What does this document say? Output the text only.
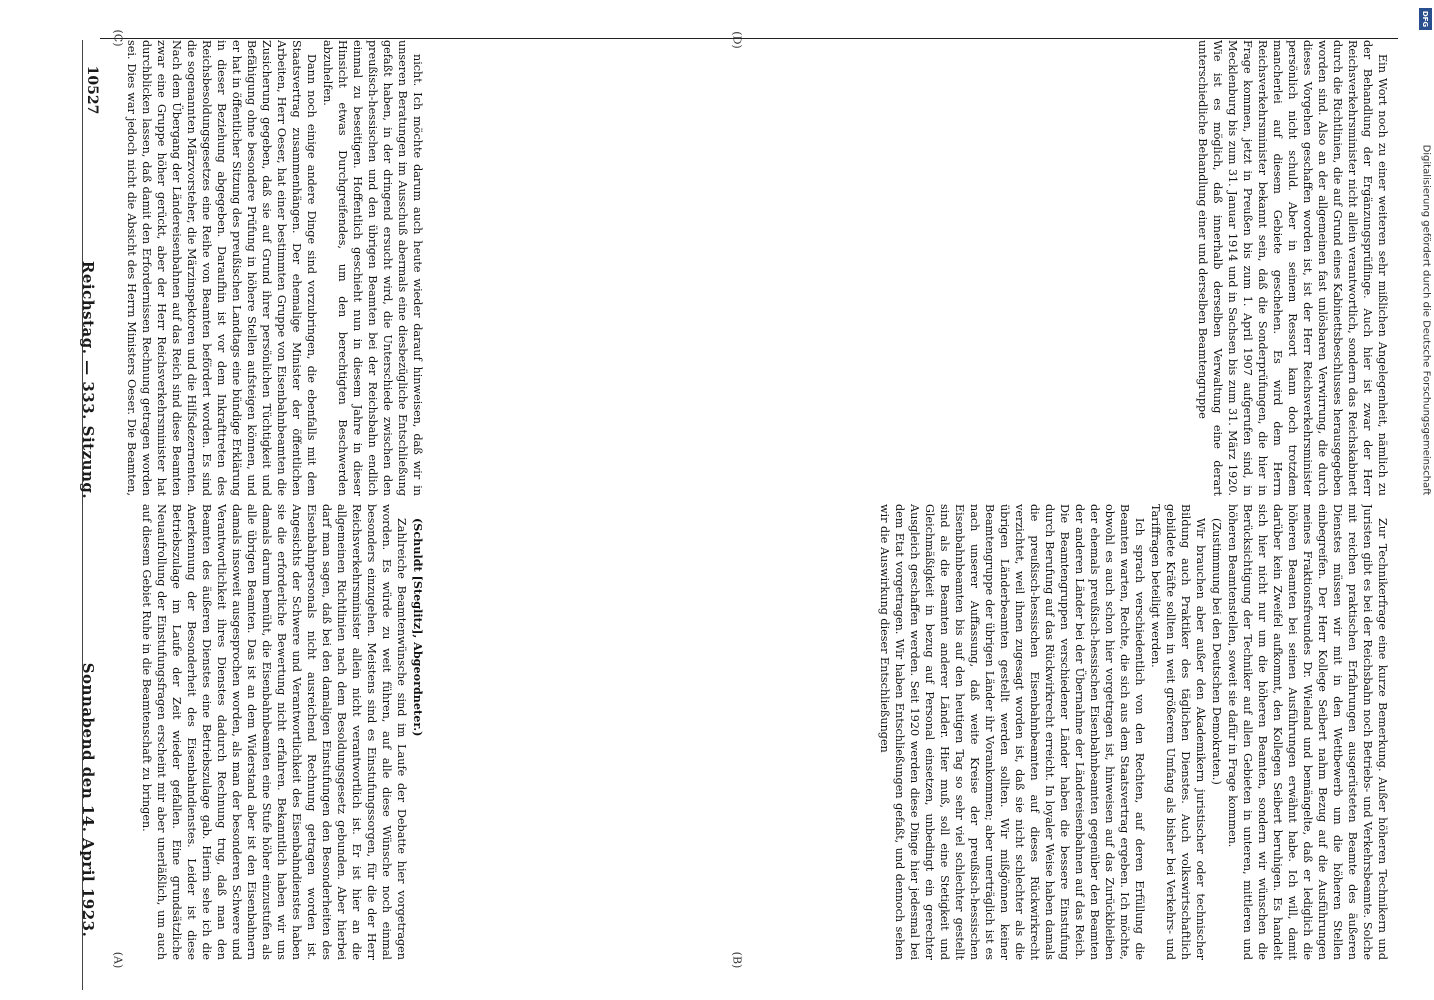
Reichstag. — 333. Sitzung.
Sonnabend den 14. April 1923.
10527
(C)	(D)
(A)	(B)

nicht. Ich möchte darum auch heute wieder darauf hinweisen, daß wir in unseren Beratungen im Ausschuß abermals eine diesbezügliche Entschließung gefaßt haben, in der dringend ersucht wird, die Unterschiede zwischen den preußisch-hessischen und den übrigen Beamten bei der Reichsbahn endlich einmal zu beseitigen. Hoffentlich geschieht nun in diesem Jahre in dieser Hinsicht etwas Durchgreifendes, um den berechtigten Beschwerden abzuhelfen.

Dann noch einige andere Dinge sind vorzubringen, die ebenfalls mit dem Staatsvertrag zusammenhängen. Der ehemalige Minister der öffentlichen Arbeiten, Herr Oeser, hat einer bestimmten Gruppe von Eisenbahnbeamten die Zusicherung gegeben, daß sie auf Grund ihrer persönlichen Tüchtigkeit und Befähigung ohne besondere Prüfung in höhere Stellen aufsteigen können, und er hat in öffentlicher Sitzung des preußischen Landtags eine bündige Erklärung in dieser Beziehung abgegeben. Daraufhin ist vor dem Inkrafttreten des Reichsbesoldungsgesetzes eine Reihe von Beamten befördert worden. Es sind die sogenannten Märzvorsteher, die Märzinspektoren und die Hilfsdezernenten. Nach dem Übergang der Ländereisenbahnen auf das Reich sind diese Beamten zwar eine Gruppe höher gerückt, aber der Herr Reichsverkehrsminister hat durchblicken lassen, daß damit den Erfordernissen Rechnung getragen worden sei. Dies war jedoch nicht die Absicht des Herrn Ministers Oeser. Die Beamten,	Ein Wort noch zu einer weiteren sehr mißlichen Angelegenheit, nämlich zu der Behandlung der Ergänzungsprüflinge. Auch hier ist zwar der Herr Reichsverkehrsminister nicht allein verantwortlich, sondern das Reichskabinett durch die Richtlinien, die auf Grund eines Kabinettsbeschlusses herausgegeben worden sind. Also an der allgemeinen fast unlösbaren Verwirrung, die durch dieses Vorgehen geschaffen worden ist, ist der Herr Reichsverkehrsminister persönlich nicht schuld. Aber in seinem Ressort kann doch trotzdem mancherlei auf diesem Gebiete geschehen. Es wird dem Herrn Reichsverkehrsminister bekannt sein, daß die Sonderprüfungen, die hier in Frage kommen, jetzt in Preußen bis zum 1. April 1907 aufgerufen sind, in Mecklenburg bis zum 31. Januar 1914 und in Sachsen bis zum 31. März 1920. Wie ist es möglich, daß innerhalb derselben Verwaltung eine derart unterschiedliche Behandlung einer und derselben Beamtengruppe

(Schuldt [Steglitz], Abgeordneter.)

Zahlreiche Beamtenwünsche sind im Laufe der Debatte hier vorgetragen worden. Es würde zu weit führen, auf alle diese Wünsche noch einmal besonders einzugehen. Meistens sind es Einstufungssorgen, für die der Herr Reichsverkehrsminister allein nicht verantwortlich ist. Er ist hier an die allgemeinen Richtlinien nach dem Besoldungsgesetz gebunden. Aber hierbei darf man sagen, daß bei den damaligen Einstufungen den Besonderheiten des Eisenbahnpersonals nicht ausreichend Rechnung getragen worden ist. Angesichts der Schwere und Verantwortlichkeit des Eisenbahndienstes haben sie die erforderliche Bewertung nicht erfahren. Bekanntlich haben wir uns damals darum bemüht, die Eisenbahnbeamten eine Stufe höher einzustufen als alle übrigen Beamten. Das ist an dem Widerstand aber ist den Eisenbahnern damals insoweit ausgesprochen worden, als man der besonderen Schwere und Verantwortlichkeit ihres Dienstes dadurch Rechnung trug, daß man den Beamten des äußeren Dienstes eine Betriebszulage gab. Hierin sehe ich die Anerkennung der Besonderheit des Eisenbahndienstes. Leider ist diese Betriebszulage im Laufe der Zeit wieder gefallen. Eine grundsätzliche Neuaufrollung der Einstufungsfragen erscheint mir aber unerläßlich, um auch auf diesem Gebiet Ruhe in die Beamtenschaft zu bringen.	Zur Technikerfrage eine kurze Bemerkung. Außer höheren Technikern und Juristen gibt es bei der Reichsbahn noch Betriebs- und Verkehrsbeamte. Solche mit reichen praktischen Erfahrungen ausgerüsteten Beamte des äußeren Dienstes müssen wir mit in den Wettbewerb um die höheren Stellen einbegreifen. Der Herr Kollege Seibert nahm Bezug auf die Ausführungen meines Fraktionsfreundes Dr. Wieland und bemängelte, daß er lediglich die höheren Beamten bei seinen Ausführungen erwähnt habe. Ich will, damit darüber kein Zweifel aufkommt, den Kollegen Seibert beruhigen. Es handelt sich hier nicht nur um die höheren Beamten, sondern wir wünschen die Berücksichtigung der Techniker auf allen Gebieten in unteren, mittleren und höheren Beamtenstellen, soweit sie dafür in Frage kommen.

(Zustimmung bei den Deutschen Demokraten.)

Wir brauchen aber außer den Akademikern juristischer oder technischer Bildung auch Praktiker des täglichen Dienstes. Auch volkswirtschaftlich gebildete Kräfte sollten in weit größerem Umfang als bisher bei Verkehrs- und Tariffragen beteiligt werden.

Ich sprach verschiedentlich von den Rechten, auf deren Erfüllung die Beamten warten, Rechte, die sich aus dem Staatsvertrag ergeben. Ich möchte, obwohl es auch schon hier vorgetragen ist, hinweisen auf das Zurückbleiben der ehemals preußisch-hessischen Eisenbahnbeamten gegenüber den Beamten der anderen Länder bei der Übernahme der Ländereisenbahnen auf das Reich. Die Beamtengruppen verschiedener Länder haben die bessere Einstufung durch Berufung auf das Rückwirkrecht erreicht. In loyaler Weise haben damals die preußisch-hessischen Eisenbahnbeamten auf dieses Rückwirkrecht verzichtet, weil ihnen zugesagt worden ist, daß sie nicht schlechter als die übrigen Länderbeamten gestellt werden sollten. Wir mißgönnen keiner Beamtengruppe der übrigen Länder ihr Vorankommen; aber unerträglich ist es nach unserer Auffassung, daß weite Kreise der preußisch-hessischen Eisenbahnbeamten bis auf den heutigen Tag so sehr viel schlechter gestellt sind als die Beamten anderer Länder. Hier muß, soll eine Stetigkeit und Gleichmäßigkeit in bezug auf Personal einsetzen, unbedingt ein gerechter Ausgleich geschaffen werden. Seit 1920 werden diese Dinge hier jedesmal bei dem Etat vorgetragen. Wir haben Entschließungen gefaßt, und dennoch sehen wir die Auswirkung dieser Entschließungen

Digitalisierung gefördert durch die Deutsche Forschungsgemeinschaft
DFG
